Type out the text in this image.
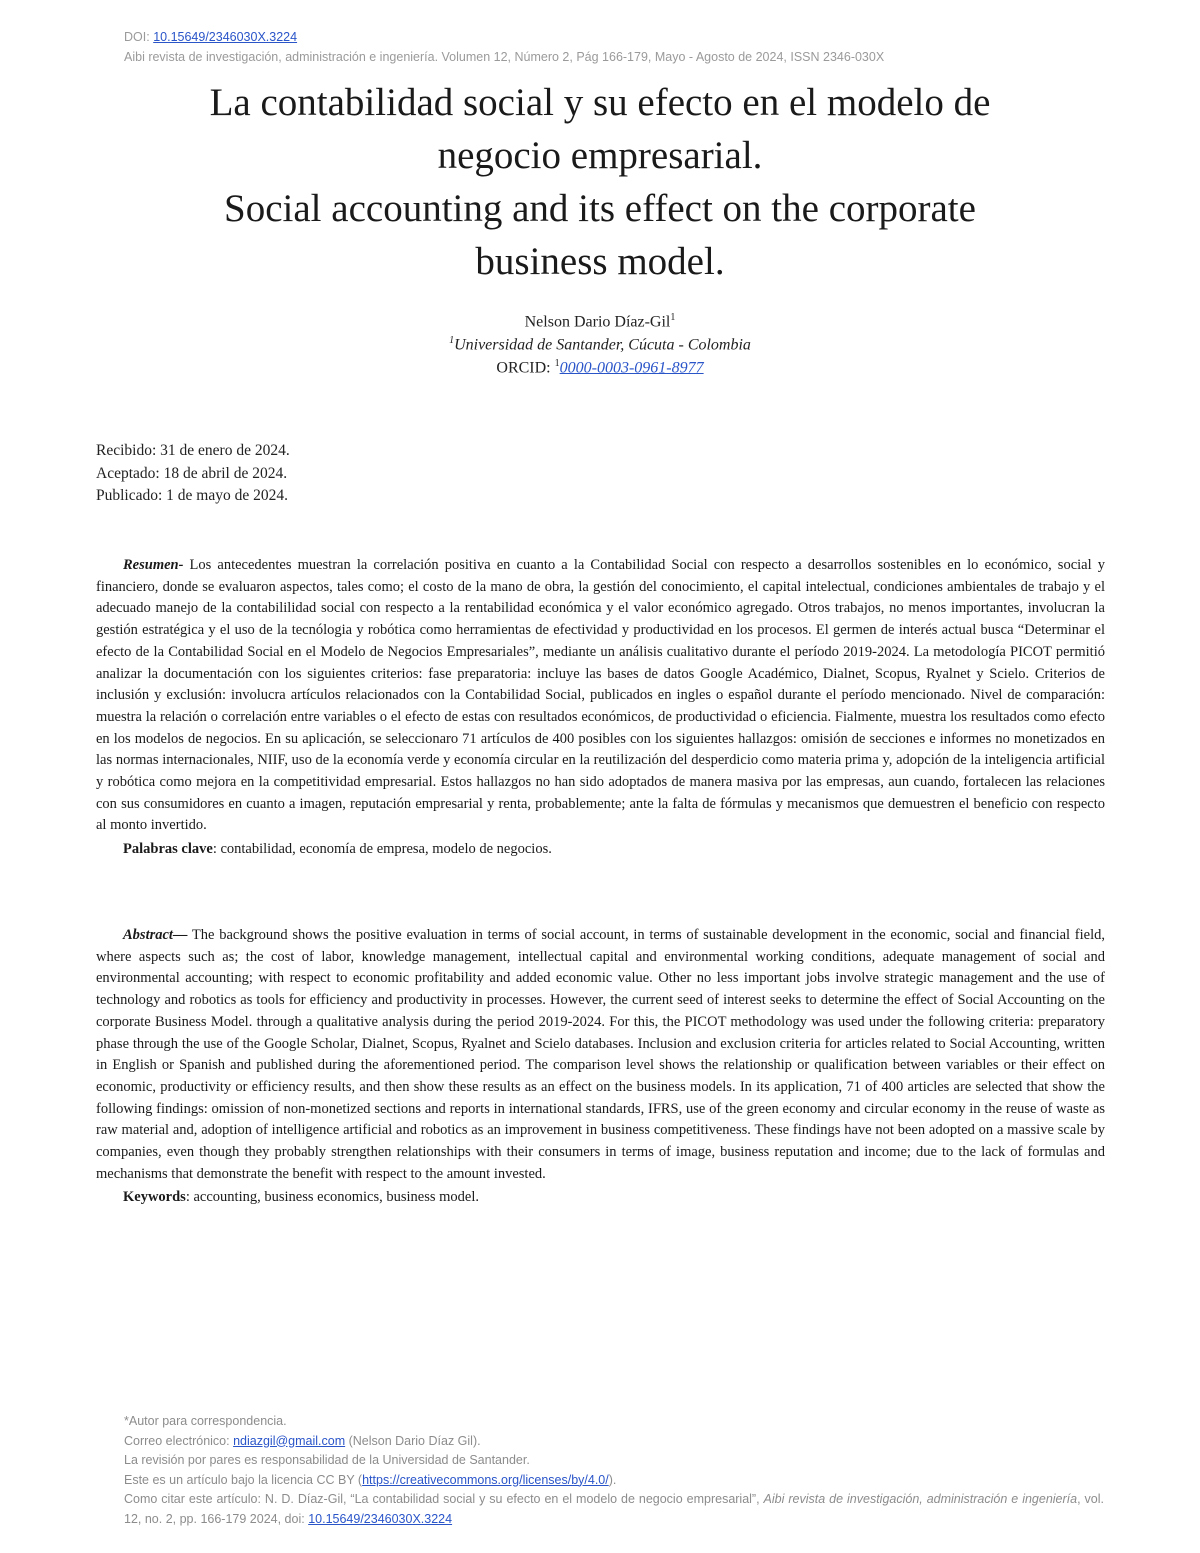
DOI: 10.15649/2346030X.3224
Aibi revista de investigación, administración e ingeniería. Volumen 12, Número 2, Pág 166-179, Mayo - Agosto de 2024, ISSN 2346-030X
La contabilidad social y su efecto en el modelo de
negocio empresarial.
Social accounting and its effect on the corporate
business model.
Nelson Dario Díaz-Gil$^1$
$^1$Universidad de Santander, Cúcuta - Colombia
ORCID: $^1$0000-0003-0961-8977
Recibido: 31 de enero de 2024.
Aceptado: 18 de abril de 2024.
Publicado: 1 de mayo de 2024.

Resumen- Los antecedentes muestran la correlación positiva en cuanto a la Contabilidad Social con respecto a desarrollos sostenibles en lo económico, social y financiero, donde se evaluaron aspectos, tales como; el costo de la mano de obra, la gestión del conocimiento, el capital intelectual, condiciones ambientales de trabajo y el adecuado manejo de la contabililidad social con respecto a la rentabilidad económica y el valor económico agregado. Otros trabajos, no menos importantes, involucran la gestión estratégica y el uso de la tecnólogia y robótica como herramientas de efectividad y productividad en los procesos. El germen de interés actual busca “Determinar el efecto de la Contabilidad Social en el Modelo de Negocios Empresariales”, mediante un análisis cualitativo durante el período 2019-2024. La metodología PICOT permitió analizar la documentación con los siguientes criterios: fase preparatoria: incluye las bases de datos Google Académico, Dialnet, Scopus, Ryalnet y Scielo. Criterios de inclusión y exclusión: involucra artículos relacionados con la Contabilidad Social, publicados en ingles o español durante el período mencionado. Nivel de comparación: muestra la relación o correlación entre variables o el efecto de estas con resultados económicos, de productividad o eficiencia. Fialmente, muestra los resultados como efecto en los modelos de negocios. En su aplicación, se seleccionaro 71 artículos de 400 posibles con los siguientes hallazgos: omisión de secciones e informes no monetizados en las normas internacionales, NIIF, uso de la economía verde y economía circular en la reutilización del desperdicio como materia prima y, adopción de la inteligencia artificial y robótica como mejora en la competitividad empresarial. Estos hallazgos no han sido adoptados de manera masiva por las empresas, aun cuando, fortalecen las relaciones con sus consumidores en cuanto a imagen, reputación empresarial y renta, probablemente; ante la falta de fórmulas y mecanismos que demuestren el beneficio con respecto al monto invertido.

Palabras clave: contabilidad, economía de empresa, modelo de negocios.

Abstract— The background shows the positive evaluation in terms of social account, in terms of sustainable development in the economic, social and financial field, where aspects such as; the cost of labor, knowledge management, intellectual capital and environmental working conditions, adequate management of social and environmental accounting; with respect to economic profitability and added economic value. Other no less important jobs involve strategic management and the use of technology and robotics as tools for efficiency and productivity in processes. However, the current seed of interest seeks to determine the effect of Social Accounting on the corporate Business Model. through a qualitative analysis during the period 2019-2024. For this, the PICOT methodology was used under the following criteria: preparatory phase through the use of the Google Scholar, Dialnet, Scopus, Ryalnet and Scielo databases. Inclusion and exclusion criteria for articles related to Social Accounting, written in English or Spanish and published during the aforementioned period. The comparison level shows the relationship or qualification between variables or their effect on economic, productivity or efficiency results, and then show these results as an effect on the business models. In its application, 71 of 400 articles are selected that show the following findings: omission of non-monetized sections and reports in international standards, IFRS, use of the green economy and circular economy in the reuse of waste as raw material and, adoption of intelligence artificial and robotics as an improvement in business competitiveness. These findings have not been adopted on a massive scale by companies, even though they probably strengthen relationships with their consumers in terms of image, business reputation and income; due to the lack of formulas and mechanisms that demonstrate the benefit with respect to the amount invested.

Keywords: accounting, business economics, business model.

*Autor para correspondencia.
Correo electrónico: ndiazgil@gmail.com (Nelson Dario Díaz Gil).
La revisión por pares es responsabilidad de la Universidad de Santander.
Este es un artículo bajo la licencia CC BY (https://creativecommons.org/licenses/by/4.0/).
Como citar este artículo: N. D. Díaz-Gil, “La contabilidad social y su efecto en el modelo de negocio empresarial”, Aibi revista de investigación, administración e ingeniería, vol. 12, no. 2, pp. 166-179 2024, doi: 10.15649/2346030X.3224
